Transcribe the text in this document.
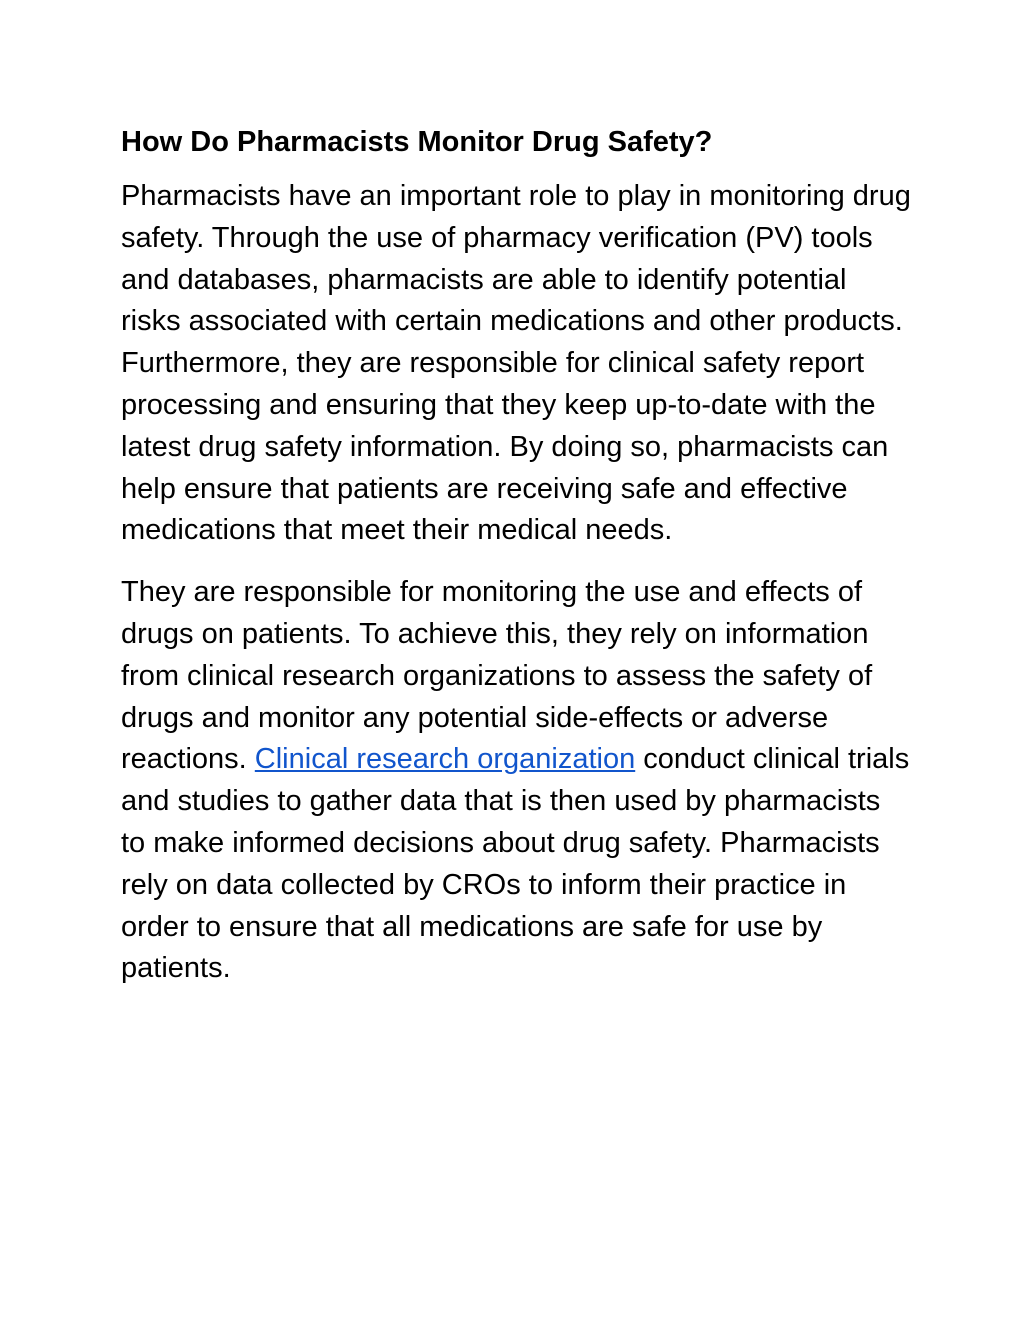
How Do Pharmacists Monitor Drug Safety?

Pharmacists have an important role to play in monitoring drug safety. Through the use of pharmacy verification (PV) tools and databases, pharmacists are able to identify potential risks associated with certain medications and other products. Furthermore, they are responsible for clinical safety report processing and ensuring that they keep up-to-date with the latest drug safety information. By doing so, pharmacists can help ensure that patients are receiving safe and effective medications that meet their medical needs.

They are responsible for monitoring the use and effects of drugs on patients. To achieve this, they rely on information from clinical research organizations to assess the safety of drugs and monitor any potential side-effects or adverse reactions. Clinical research organization conduct clinical trials and studies to gather data that is then used by pharmacists to make informed decisions about drug safety. Pharmacists rely on data collected by CROs to inform their practice in order to ensure that all medications are safe for use by patients.
